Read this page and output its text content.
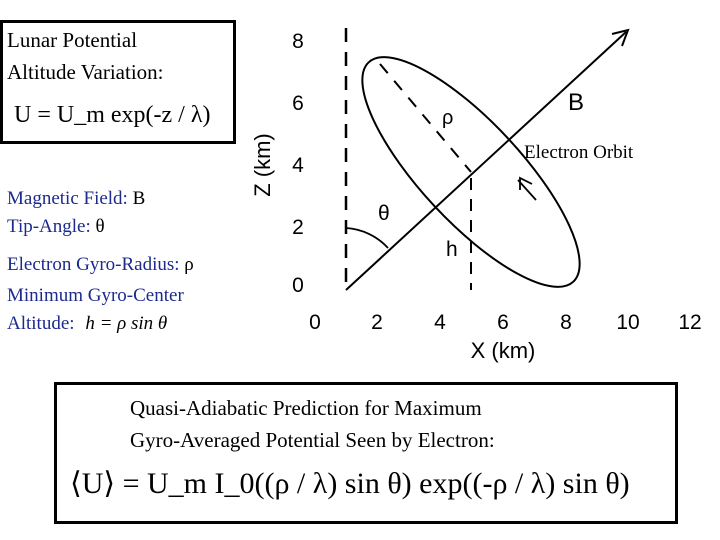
Lunar Potential
Altitude Variation:
U = U_m exp(-z / λ)
Magnetic Field: B
Tip-Angle: θ
Electron Gyro-Radius: ρ
Minimum Gyro-Center
Altitude: h = ρ sin θ
Z (km)
8
6
4
2
0
0 2 4 6 8 10 12
X (km)
B
Electron Orbit
ρ
h
θ
Quasi-Adiabatic Prediction for Maximum
Gyro-Averaged Potential Seen by Electron:
⟨U⟩ = U_m I_0((ρ / λ) sin θ) exp((-ρ / λ) sin θ)
